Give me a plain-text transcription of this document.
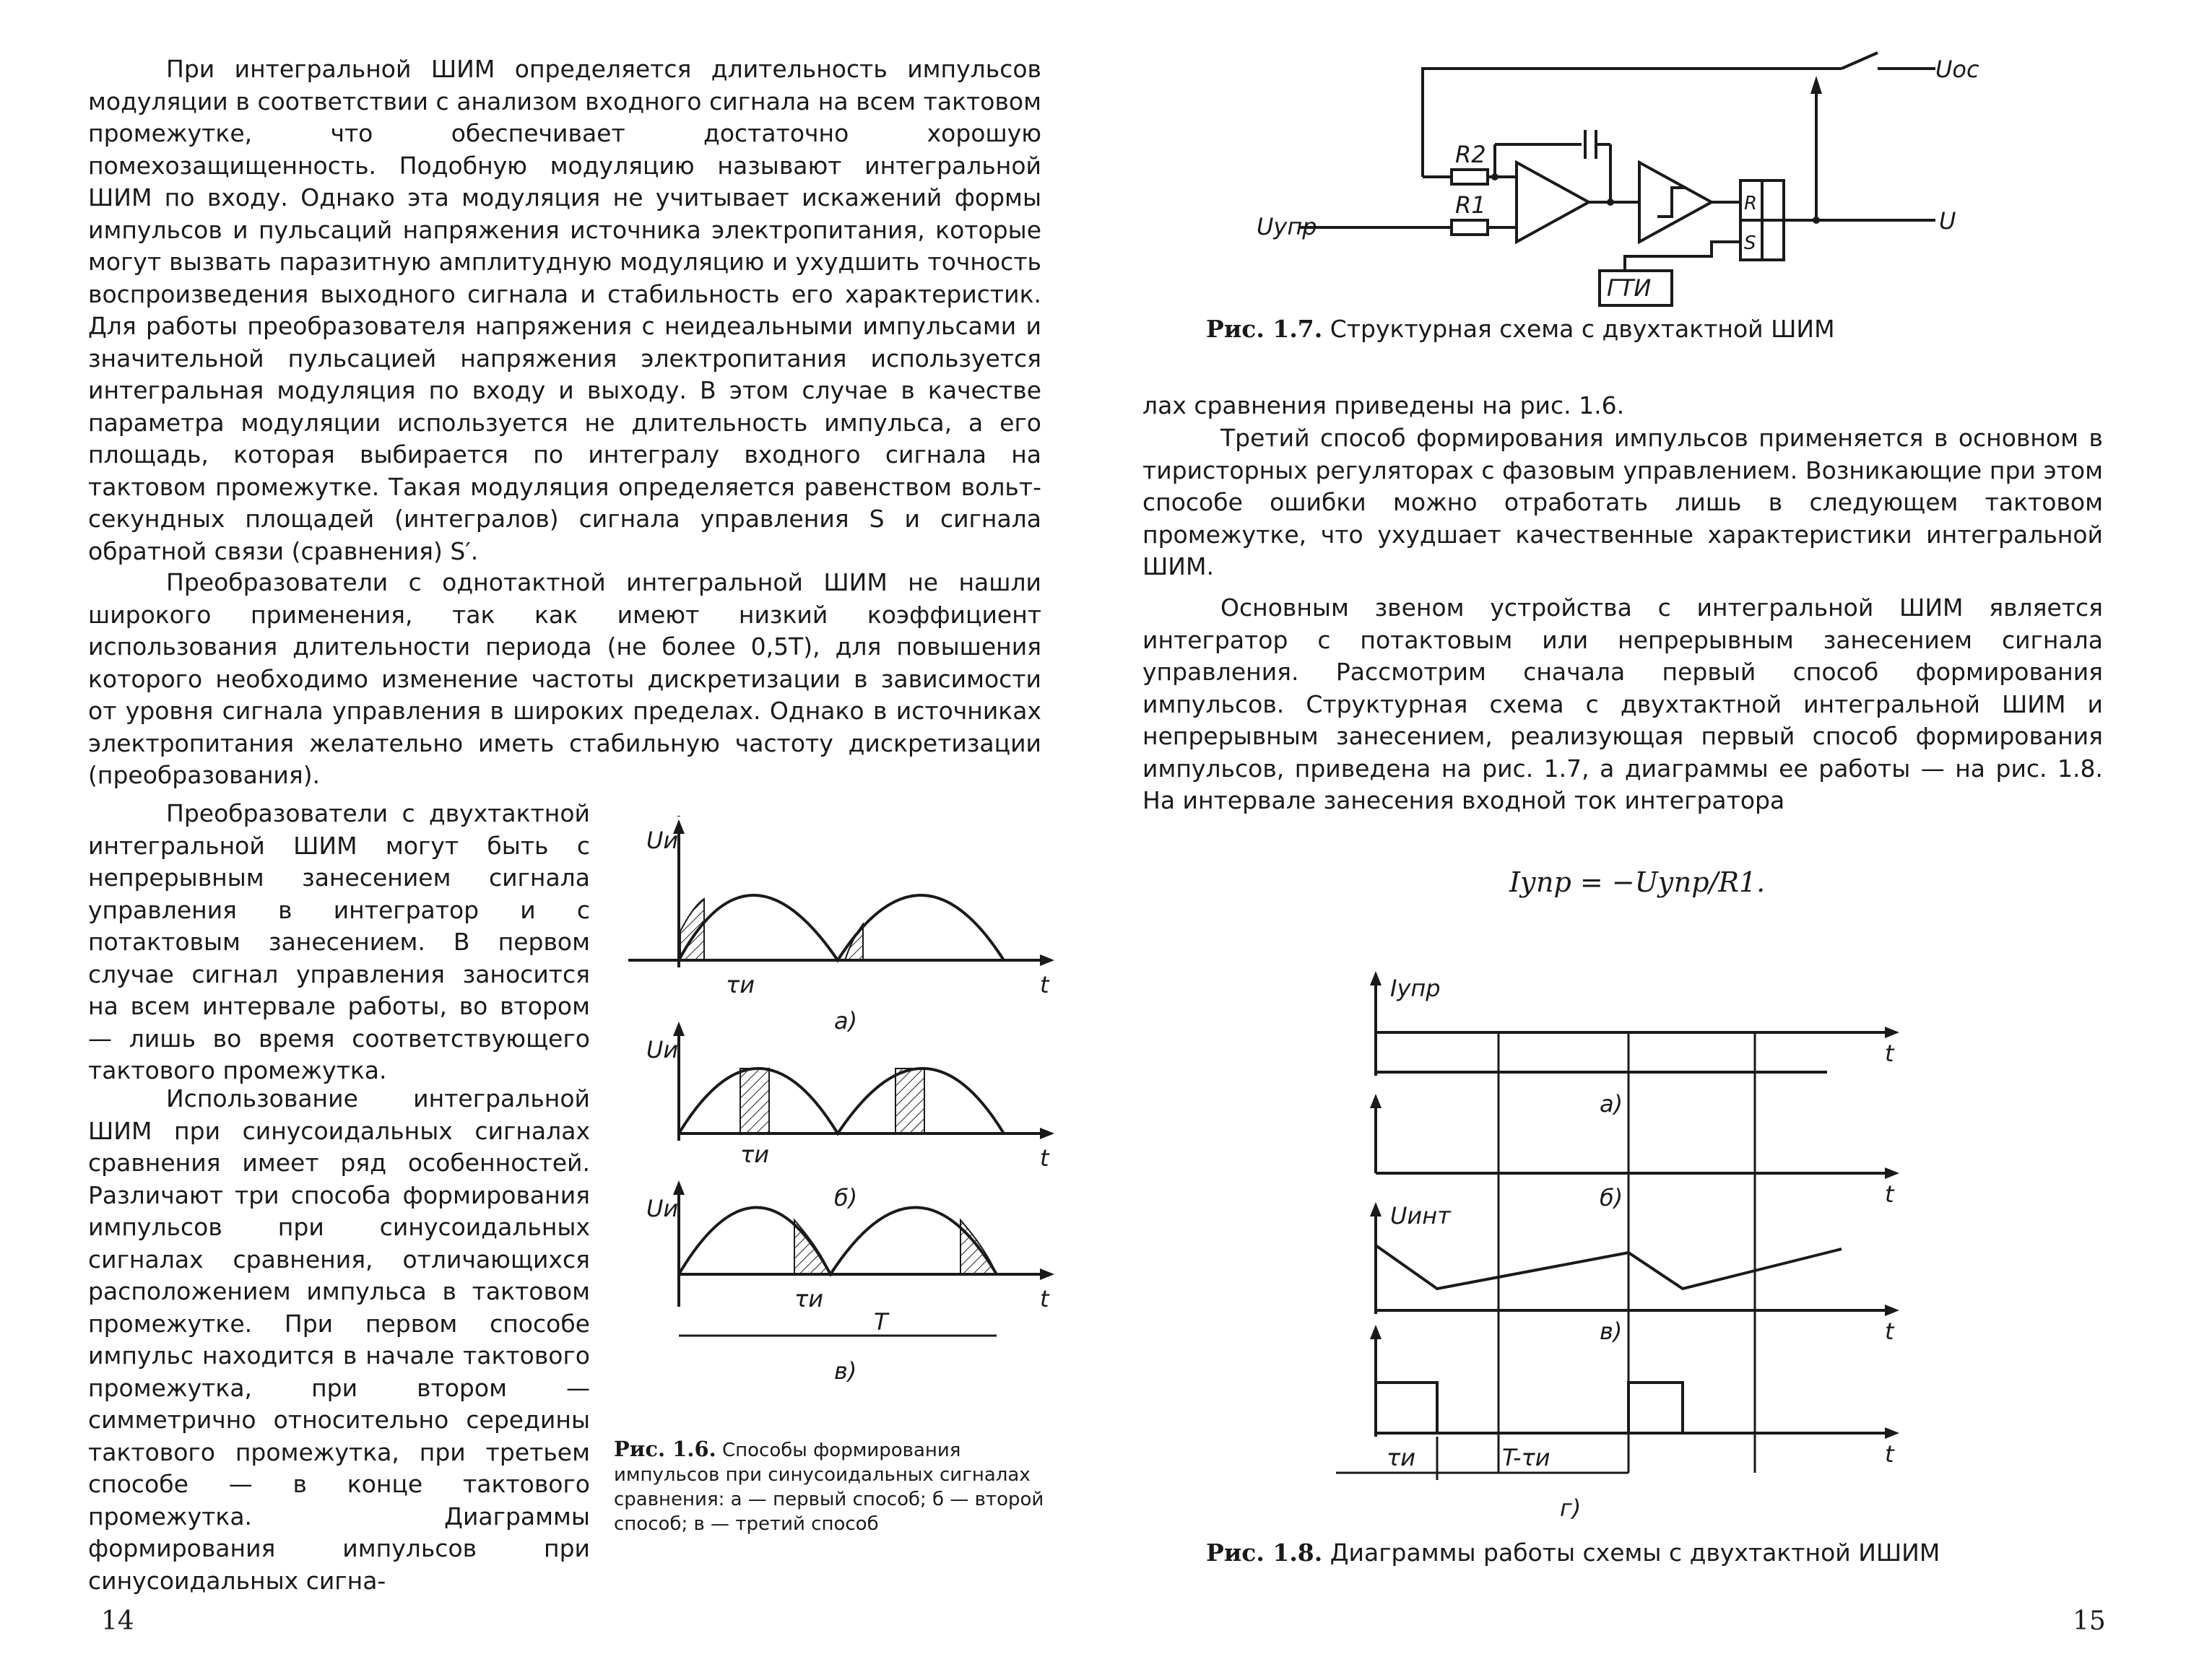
При интегральной ШИМ определяется длительность импульсов модуляции в соответствии с анализом входного сигнала на всем тактовом промежутке, что обеспечивает достаточно хорошую помехозащищенность. Подобную модуляцию называют интегральной ШИМ по входу. Однако эта модуляция не учитывает искажений формы импульсов и пульсаций напряжения источника электропитания, которые могут вызвать паразитную амплитудную модуляцию и ухудшить точность воспроизведения выходного сигнала и стабильность его характеристик. Для работы преобразователя напряжения с неидеальными импульсами и значительной пульсацией напряжения электропитания используется интегральная модуляция по входу и выходу. В этом случае в качестве параметра модуляции используется не длительность импульса, а его площадь, которая выбирается по интегралу входного сигнала на тактовом промежутке. Такая модуляция определяется равенством вольт-секундных площадей (интегралов) сигнала управления S и сигнала обратной связи (сравнения) S′.

Преобразователи с однотактной интегральной ШИМ не нашли широкого применения, так как имеют низкий коэффициент использования длительности периода (не более 0,5T), для повышения которого необходимо изменение частоты дискретизации в зависимости от уровня сигнала управления в широких пределах. Однако в источниках электропитания желательно иметь стабильную частоту дискретизации (преобразования).

Преобразователи с двухтактной интегральной ШИМ могут быть с непрерывным занесением сигнала управления в интегратор и с потактовым занесением. В первом случае сигнал управления заносится на всем интервале работы, во втором — лишь во время соответствующего тактового промежутка.

Использование интегральной ШИМ при синусоидальных сигналах сравнения имеет ряд особенностей. Различают три способа формирования импульсов при синусоидальных сигналах сравнения, отличающихся расположением импульса в тактовом промежутке. При первом способе импульс находится в начале тактового промежутка, при втором — симметрично относительно середины тактового промежутка, при третьем способе — в конце тактового промежутка. Диаграммы формирования импульсов при синусоидальных сигна-

Uи
t
τи
а)
Uи
t
τи
б)
Uи
t
τи
T
в)

Рис. 1.6. Способы формирования импульсов при синусоидальных сигналах сравнения: а — первый способ; б — второй способ; в — третий способ

14
Uос
R2
R1
Uупр	U
R
S
ГТИ

Рис. 1.7. Структурная схема с двухтактной ШИМ

лах сравнения приведены на рис. 1.6.

Третий способ формирования импульсов применяется в основном в тиристорных регуляторах с фазовым управлением. Возникающие при этом способе ошибки можно отработать лишь в следующем тактовом промежутке, что ухудшает качественные характеристики интегральной ШИМ.

Основным звеном устройства с интегральной ШИМ является интегратор с потактовым или непрерывным занесением сигнала управления. Рассмотрим сначала первый способ формирования импульсов. Структурная схема с двухтактной интегральной ШИМ и непрерывным занесением, реализующая первый способ формирования импульсов, приведена на рис. 1.7, а диаграммы ее работы — на рис. 1.8. На интервале занесения входной ток интегратора

Iупр = −Uупр/R1.
Iупр
t
а)
t
б)
Uинт
t
в)
t
τи	T-τи
г)

Рис. 1.8. Диаграммы работы схемы с двухтактной ИШИМ

15
